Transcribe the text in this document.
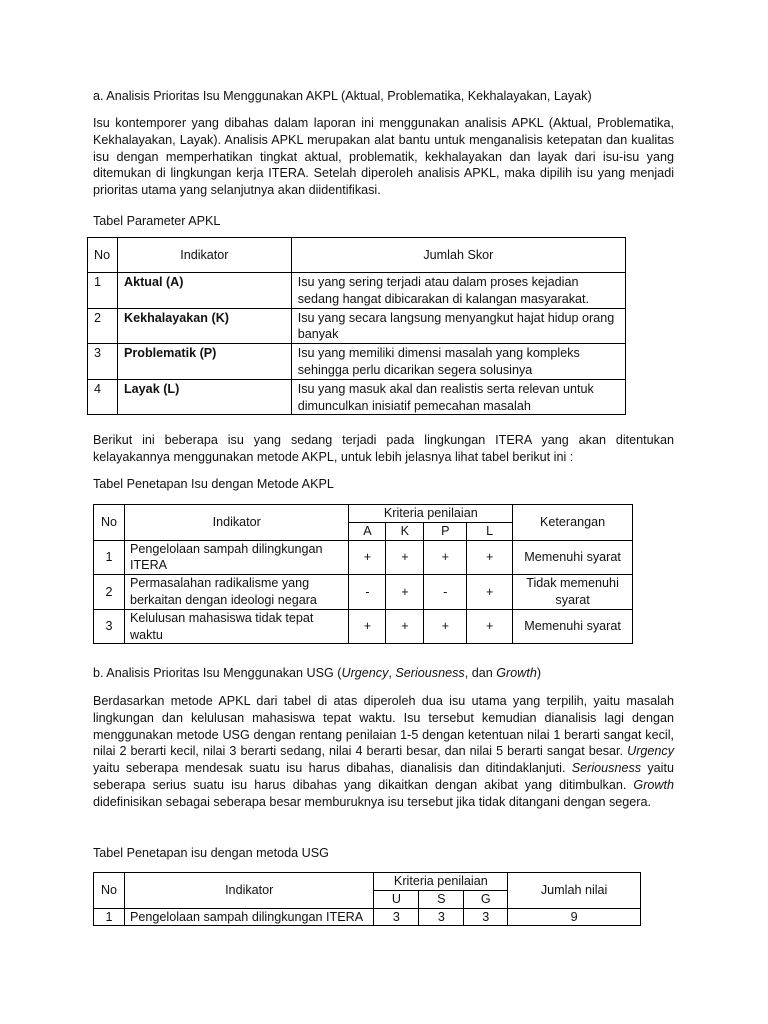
a. Analisis Prioritas Isu Menggunakan AKPL (Aktual, Problematika, Kekhalayakan, Layak)

Isu kontemporer yang dibahas dalam laporan ini menggunakan analisis APKL (Aktual, Problematika, Kekhalayakan, Layak). Analisis APKL merupakan alat bantu untuk menganalisis ketepatan dan kualitas isu dengan memperhatikan tingkat aktual, problematik, kekhalayakan dan layak dari isu-isu yang ditemukan di lingkungan kerja ITERA. Setelah diperoleh analisis APKL, maka dipilih isu yang menjadi prioritas utama yang selanjutnya akan diidentifikasi.

Tabel Parameter APKL

No	Indikator	Jumlah Skor
1	Aktual (A)	Isu yang sering terjadi atau dalam proses kejadian sedang hangat dibicarakan di kalangan masyarakat.
2	Kekhalayakan (K)	Isu yang secara langsung menyangkut hajat hidup orang banyak
3	Problematik (P)	Isu yang memiliki dimensi masalah yang kompleks sehingga perlu dicarikan segera solusinya
4	Layak (L)	Isu yang masuk akal dan realistis serta relevan untuk dimunculkan inisiatif pemecahan masalah

Berikut ini beberapa isu yang sedang terjadi pada lingkungan ITERA yang akan ditentukan kelayakannya menggunakan metode AKPL, untuk lebih jelasnya lihat tabel berikut ini :

Tabel Penetapan Isu dengan Metode AKPL

No	Indikator	Kriteria penilaian				Keterangan
		A	K	P	L	
1	Pengelolaan sampah dilingkungan ITERA	+	+	+	+	Memenuhi syarat
2	Permasalahan radikalisme yang berkaitan dengan ideologi negara	-	+	-	+	Tidak memenuhi syarat
3	Kelulusan mahasiswa tidak tepat waktu	+	+	+	+	Memenuhi syarat

b. Analisis Prioritas Isu Menggunakan USG (Urgency, Seriousness, dan Growth)

Berdasarkan metode APKL dari tabel di atas diperoleh dua isu utama yang terpilih, yaitu masalah lingkungan dan kelulusan mahasiswa tepat waktu. Isu tersebut kemudian dianalisis lagi dengan menggunakan metode USG dengan rentang penilaian 1-5 dengan ketentuan nilai 1 berarti sangat kecil, nilai 2 berarti kecil, nilai 3 berarti sedang, nilai 4 berarti besar, dan nilai 5 berarti sangat besar. Urgency yaitu seberapa mendesak suatu isu harus dibahas, dianalisis dan ditindaklanjuti. Seriousness yaitu seberapa serius suatu isu harus dibahas yang dikaitkan dengan akibat yang ditimbulkan. Growth didefinisikan sebagai seberapa besar memburuknya isu tersebut jika tidak ditangani dengan segera.

Tabel Penetapan isu dengan metoda USG

No	Indikator	Kriteria penilaian			Jumlah nilai
		U	S	G	
1	Pengelolaan sampah dilingkungan ITERA	3	3	3	9
